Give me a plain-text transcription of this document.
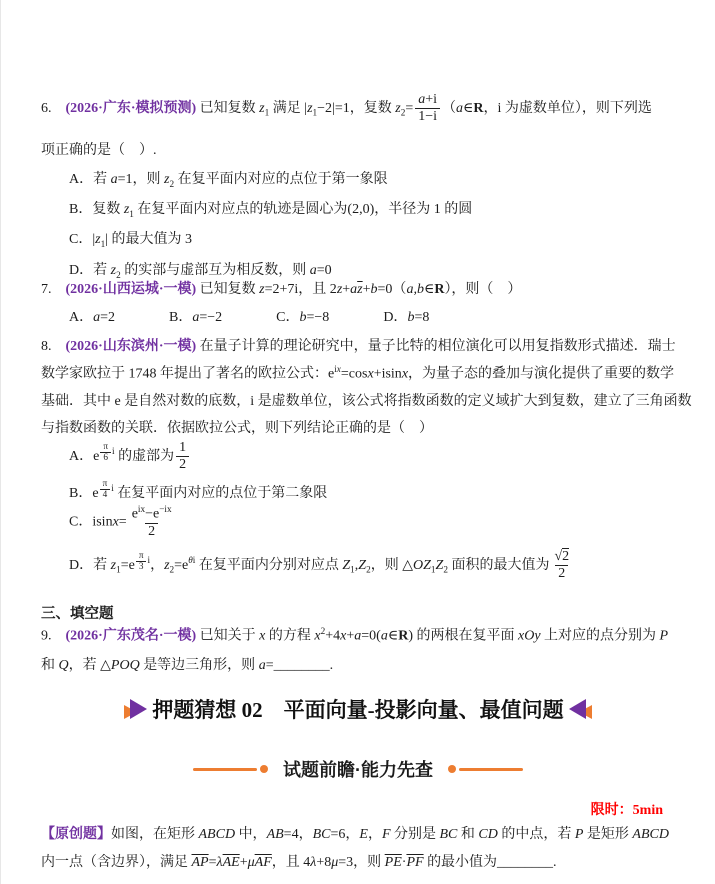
6. (2026·广东·模拟预测) 已知复数 $z_1$ 满足 $|z_1-2|=1$，复数 $z_2= \frac{a+i}{1-i}$ （a∈R，i 为虚数单位），则下列选
项正确的是（　）.
A．若 a=1，则 $z_2$ 在复平面内对应的点位于第一象限
B．复数 $z_1$ 在复平面内对应点的轨迹是圆心为(2,0)，半径为 1 的圆
C．$|z_1|$ 的最大值为 3
D．若 $z_2$ 的实部与虚部互为相反数，则 a=0
7. (2026·山西运城·一模) 已知复数 z=2+7i，且 $2z+a\overline{z}+b=0(a,b\in R)$，则（　）
A．a=2	B．a=−2	C．b=−8	D．b=8
8. (2026·山东滨州·一模) 在量子计算的理论研究中，量子比特的相位演化可以用复指数形式描述．瑞士
数学家欧拉于 1748 年提出了著名的欧拉公式：$e^{ix}=\cos x+isinx$，为量子态的叠加与演化提供了重要的数学
基础．其中 e 是自然对数的底数，i 是虚数单位，该公式将指数函数的定义域扩大到复数，建立了三角函数
与指数函数的关联．依据欧拉公式，则下列结论正确的是（　）
A．e $^{\frac{\pi}{6} i}$ 的虚部为 $\frac{1}{2}$
B．e $^{\frac{\pi}{4} i}$ 在复平面内对应的点位于第二象限
C．$isinx= \frac{e^{ix}-e^{-ix}}{2}$
D．若 $z_1=e$ $^{\frac{\pi}{3} i}$，$z_2=e^{\theta i}$ 在复平面内分别对应点 $Z_1,Z_2$，则 $\triangle OZ_1Z_2$ 面积的最大值为 $\frac{√2}{2}$
三、填空题
9. (2026·广东茂名·一模) 已知关于 x 的方程 $x^2+4x+a=0(a\in R)$ 的两根在复平面 xOy 上对应的点分别为 P
和 Q，若 △POQ 是等边三角形，则 a=________.
押题猜想 02　平面向量-投影向量、最值问题
试题前瞻·能力先查
限时：5min
【原创题】如图，在矩形 ABCD 中，AB=4，BC=6，E，F 分别是 BC 和 CD 的中点，若 P 是矩形 ABCD
内一点（含边界），满足 $\overline{AP}=\lambda\overline{AE}+\mu\overline{AF}$，且 4λ+8μ=3，则 $\overline{PE}\cdot\overline{PF}$ 的最小值为________.
